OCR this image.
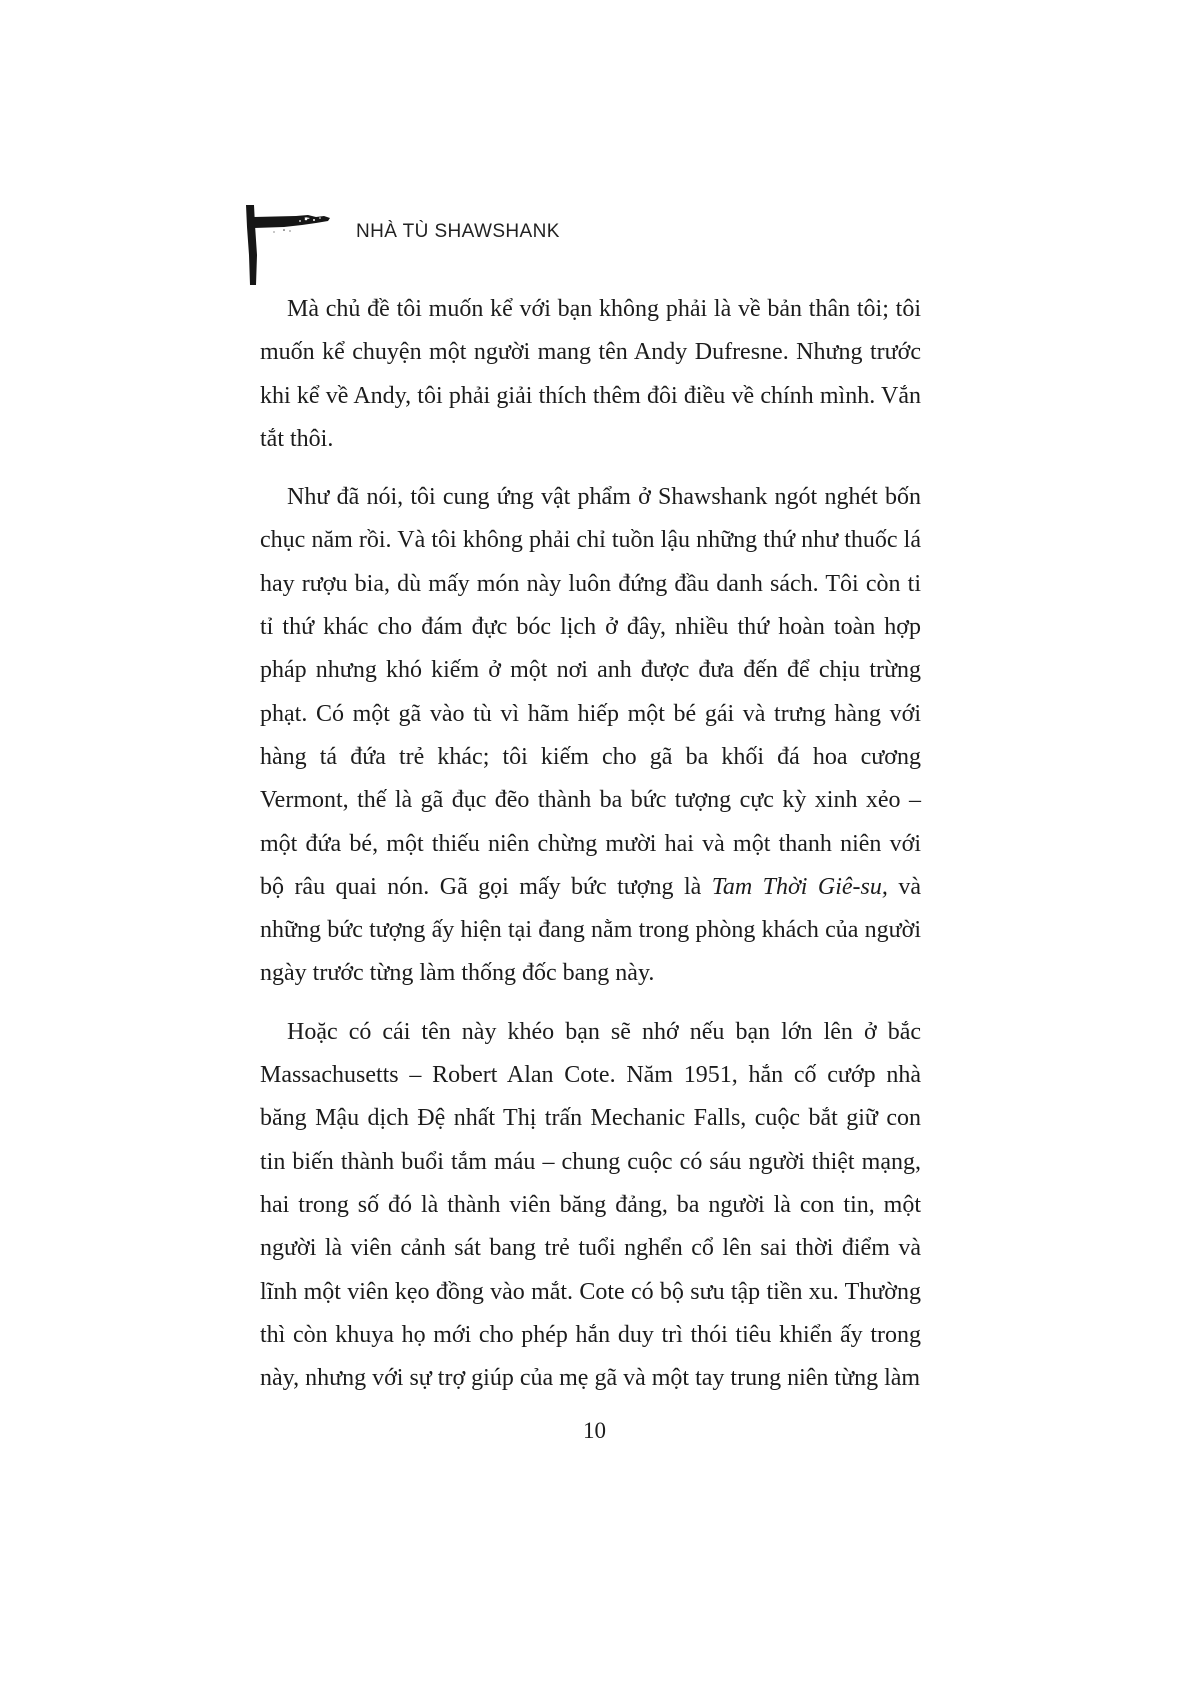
NHÀ TÙ SHAWSHANK

Mà chủ đề tôi muốn kể với bạn không phải là về bản thân tôi; tôi muốn kể chuyện một người mang tên Andy Dufresne. Nhưng trước khi kể về Andy, tôi phải giải thích thêm đôi điều về chính mình. Vắn tắt thôi.

Như đã nói, tôi cung ứng vật phẩm ở Shawshank ngót nghét bốn chục năm rồi. Và tôi không phải chỉ tuồn lậu những thứ như thuốc lá hay rượu bia, dù mấy món này luôn đứng đầu danh sách. Tôi còn ti tỉ thứ khác cho đám đực bóc lịch ở đây, nhiều thứ hoàn toàn hợp pháp nhưng khó kiếm ở một nơi anh được đưa đến để chịu trừng phạt. Có một gã vào tù vì hãm hiếp một bé gái và trưng hàng với hàng tá đứa trẻ khác; tôi kiếm cho gã ba khối đá hoa cương Vermont, thế là gã đục đẽo thành ba bức tượng cực kỳ xinh xẻo – một đứa bé, một thiếu niên chừng mười hai và một thanh niên với bộ râu quai nón. Gã gọi mấy bức tượng là Tam Thời Giê-su, và những bức tượng ấy hiện tại đang nằm trong phòng khách của người ngày trước từng làm thống đốc bang này.

Hoặc có cái tên này khéo bạn sẽ nhớ nếu bạn lớn lên ở bắc Massachusetts – Robert Alan Cote. Năm 1951, hắn cố cướp nhà băng Mậu dịch Đệ nhất Thị trấn Mechanic Falls, cuộc bắt giữ con tin biến thành buổi tắm máu – chung cuộc có sáu người thiệt mạng, hai trong số đó là thành viên băng đảng, ba người là con tin, một người là viên cảnh sát bang trẻ tuổi nghển cổ lên sai thời điểm và lĩnh một viên kẹo đồng vào mắt. Cote có bộ sưu tập tiền xu. Thường thì còn khuya họ mới cho phép hắn duy trì thói tiêu khiển ấy trong này, nhưng với sự trợ giúp của mẹ gã và một tay trung niên từng làm

10
